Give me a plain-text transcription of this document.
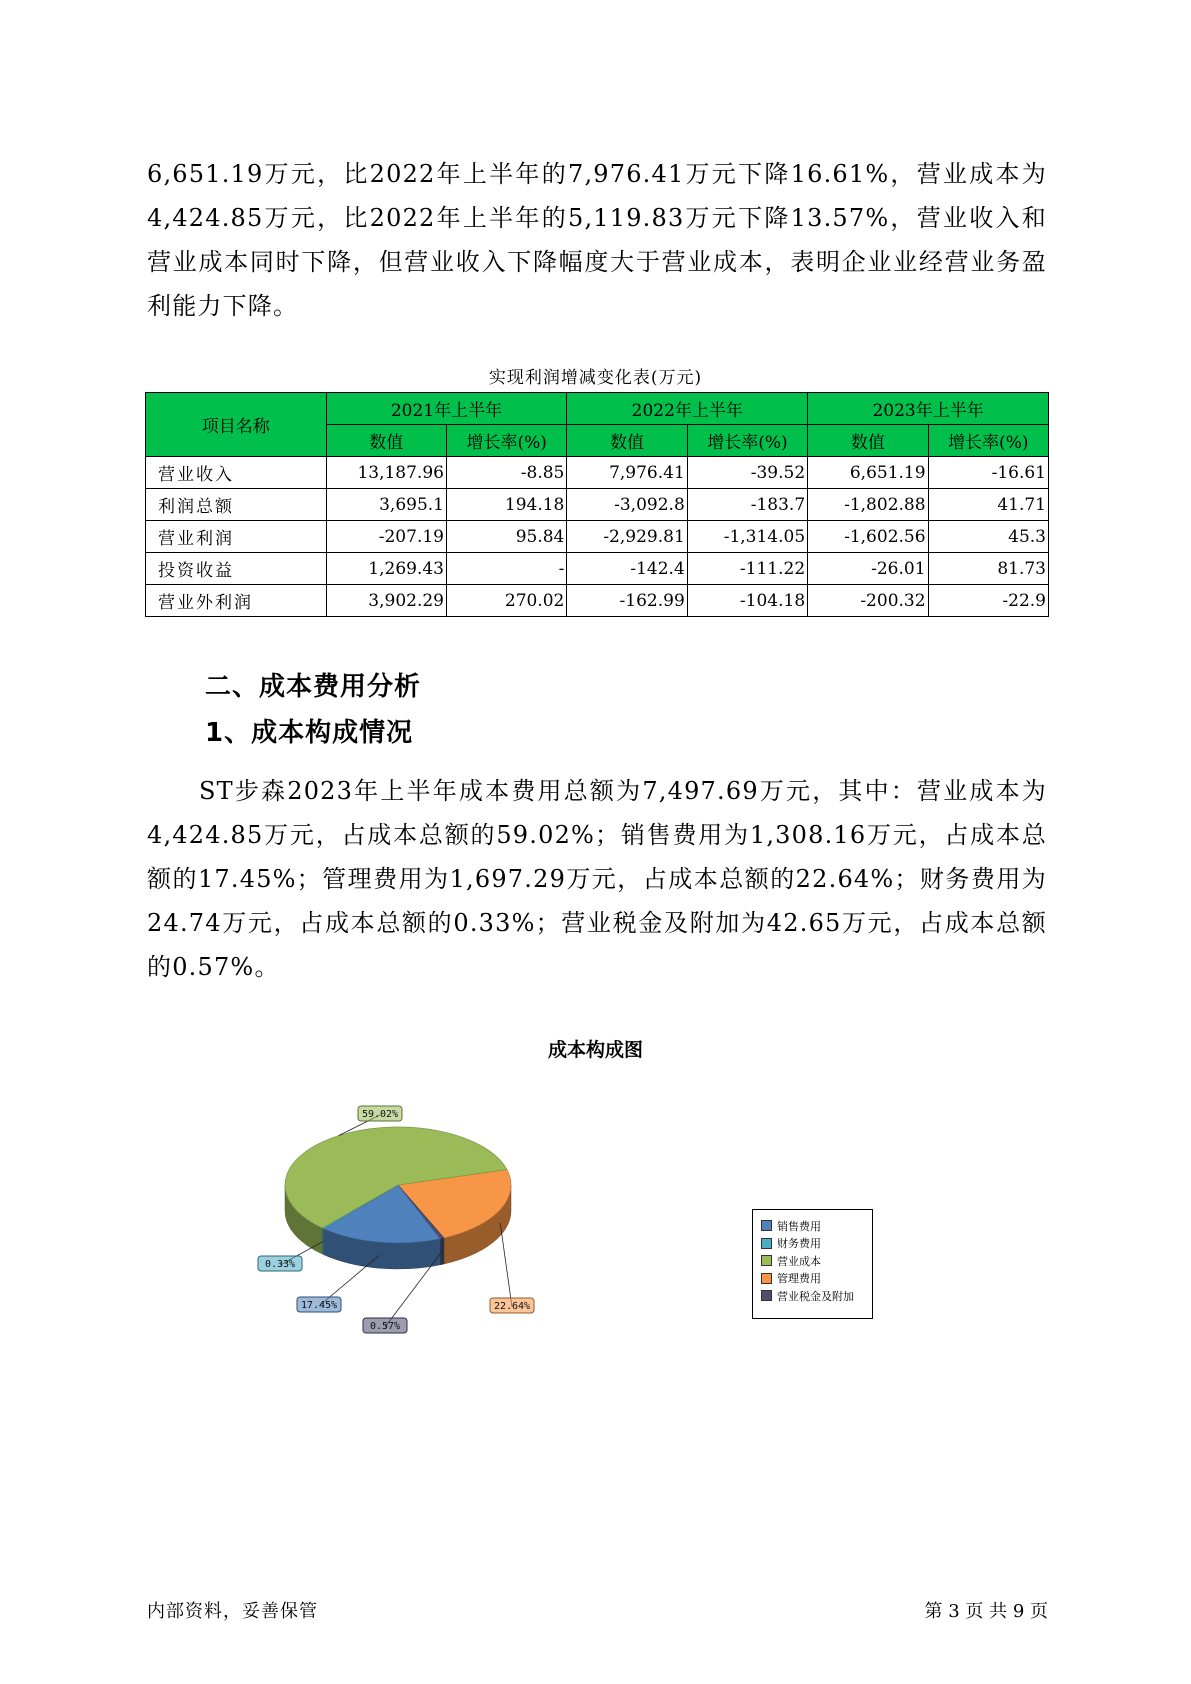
6,651.19万元，比2022年上半年的7,976.41万元下降16.61%，营业成本为4,424.85万元，比2022年上半年的5,119.83万元下降13.57%，营业收入和营业成本同时下降，但营业收入下降幅度大于营业成本，表明企业业经营业务盈利能力下降。
实现利润增减变化表(万元)
项目名称	2021年上半年		2022年上半年		2023年上半年	
	数值	增长率(%)	数值	增长率(%)	数值	增长率(%)
营业收入	13,187.96	-8.85	7,976.41	-39.52	6,651.19	-16.61
利润总额	3,695.1	194.18	-3,092.8	-183.7	-1,802.88	41.71
营业利润	-207.19	95.84	-2,929.81	-1,314.05	-1,602.56	45.3
投资收益	1,269.43	-	-142.4	-111.22	-26.01	81.73
营业外利润	3,902.29	270.02	-162.99	-104.18	-200.32	-22.9
二、成本费用分析
1、成本构成情况
ST步森2023年上半年成本费用总额为7,497.69万元，其中：营业成本为4,424.85万元，占成本总额的59.02%；销售费用为1,308.16万元，占成本总额的17.45%；管理费用为1,697.29万元，占成本总额的22.64%；财务费用为24.74万元，占成本总额的0.33%；营业税金及附加为42.65万元，占成本总额的0.57%。
成本构成图
22.64%
0.57%
17.45%
0.33%
59.02%
销售费用
财务费用
营业成本
管理费用
营业税金及附加
内部资料，妥善保管	第 3 页 共 9 页
